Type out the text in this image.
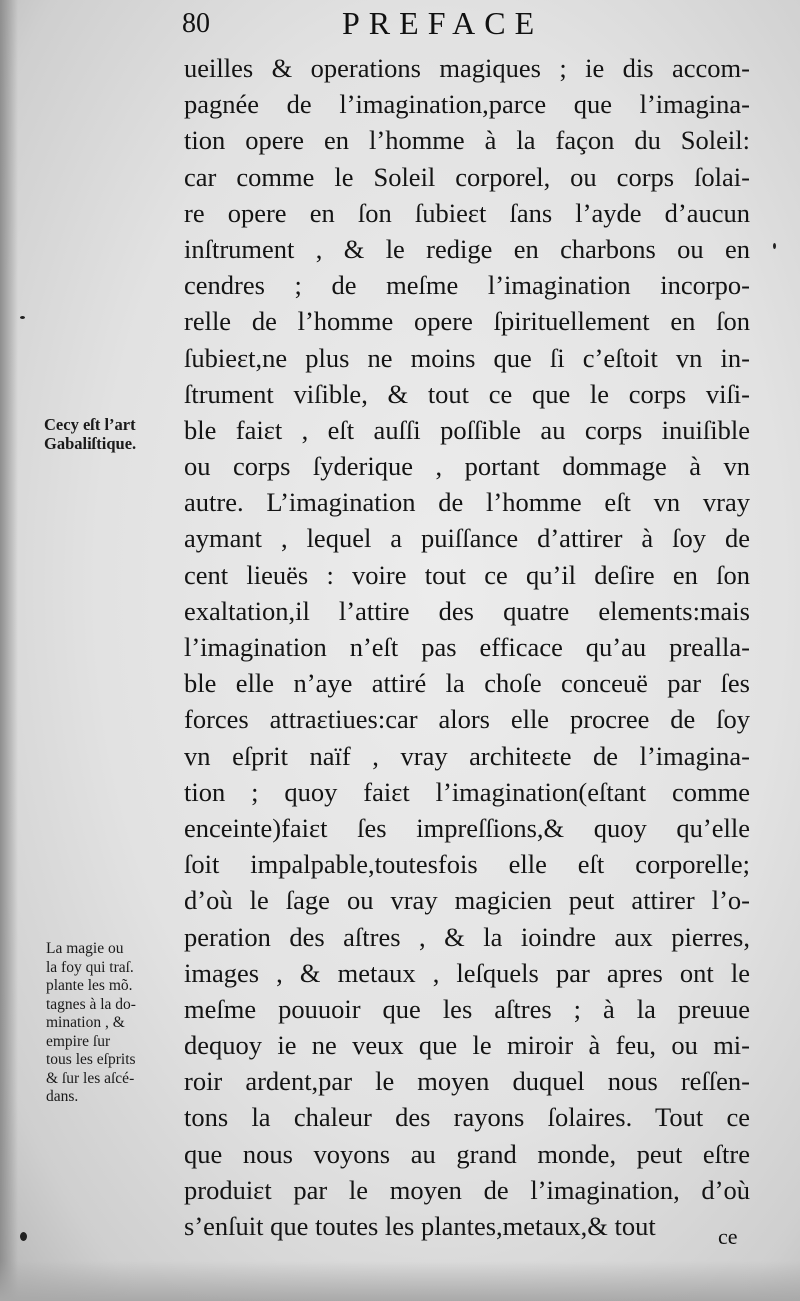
80	PREFACE
ueilles & operations magiques ; ie dis accom-
pagnée de l’imagination,parce que l’imagina-
tion opere en l’homme à la façon du Soleil:
car comme le Soleil corporel, ou corps ſolai-
re opere en ſon ſubieɛt ſans l’ayde d’aucun
inſtrument , & le redige en charbons ou en
cendres ; de meſme l’imagination incorpo-
relle de l’homme opere ſpirituellement en ſon
ſubieɛt,ne plus ne moins que ſi c’eſtoit vn in-
ſtrument viſible, & tout ce que le corps viſi-
ble faiɛt , eſt auſſi poſſible au corps inuiſible
ou corps ſyderique , portant dommage à vn
autre. L’imagination de l’homme eſt vn vray
aymant , lequel a puiſſance d’attirer à ſoy de
cent lieuës : voire tout ce qu’il deſire en ſon
exaltation,il l’attire des quatre elements:mais
l’imagination n’eſt pas efficace qu’au prealla-
ble elle n’aye attiré la choſe conceuë par ſes
forces attraɛtiues:car alors elle procree de ſoy
vn eſprit naïf , vray architeɛte de l’imagina-
tion ; quoy faiɛt l’imagination(eſtant comme
enceinte)faiɛt ſes impreſſions,& quoy qu’elle
ſoit impalpable,toutesfois elle eſt corporelle;
d’où le ſage ou vray magicien peut attirer l’o-
peration des aſtres , & la ioindre aux pierres,
images , & metaux , leſquels par apres ont le
meſme pouuoir que les aſtres ; à la preuue
dequoy ie ne veux que le miroir à feu, ou mi-
roir ardent,par le moyen duquel nous reſſen-
tons la chaleur des rayons ſolaires. Tout ce
que nous voyons au grand monde, peut eſtre
produiɛt par le moyen de l’imagination, d’où
s’enſuit que toutes les plantes,metaux,& tout
Cecy eſt l’art
Gabaliſtique.
La magie ou
la foy qui traſ.
plante les mõ.
tagnes à la do-
mination , &
empire ſur
tous les eſprits
& ſur les aſcé-
dans.
ce
